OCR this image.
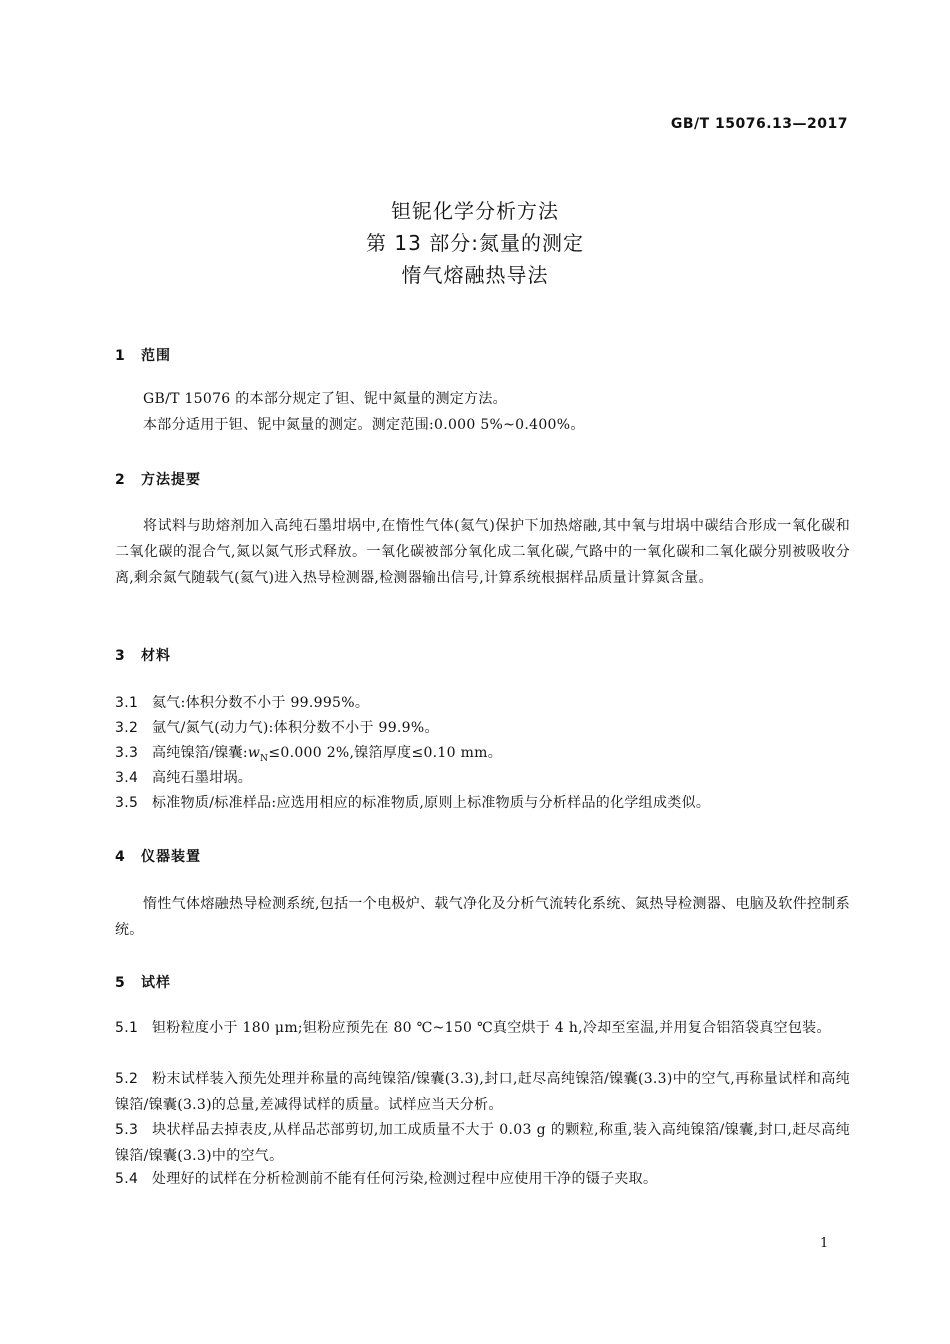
GB/T 15076.13—2017
钽铌化学分析方法
第 13 部分:氮量的测定
惰气熔融热导法
1 范围
GB/T 15076 的本部分规定了钽、铌中氮量的测定方法。
本部分适用于钽、铌中氮量的测定。测定范围:0.000 5%~0.400%。
2 方法提要
将试料与助熔剂加入高纯石墨坩埚中,在惰性气体(氦气)保护下加热熔融,其中氧与坩埚中碳结合形成一氧化碳和二氧化碳的混合气,氮以氮气形式释放。一氧化碳被部分氧化成二氧化碳,气路中的一氧化碳和二氧化碳分别被吸收分离,剩余氮气随载气(氦气)进入热导检测器,检测器输出信号,计算系统根据样品质量计算氮含量。
3 材料
3.1 氦气:体积分数不小于 99.995%。
3.2 氩气/氮气(动力气):体积分数不小于 99.9%。
3.3 高纯镍箔/镍囊$:w_N\le 0.000$ 2%,镍箔厚度≤0.10 mm。
3.4 高纯石墨坩埚。
3.5 标准物质/标准样品:应选用相应的标准物质,原则上标准物质与分析样品的化学组成类似。
4 仪器装置
惰性气体熔融热导检测系统,包括一个电极炉、载气净化及分析气流转化系统、氮热导检测器、电脑及软件控制系统。
5 试样
5.1 钽粉粒度小于 180 μm;钽粉应预先在 80 ℃~150 ℃真空烘于 4 h,冷却至室温,并用复合铝箔袋真空包装。
5.2 粉末试样装入预先处理并称量的高纯镍箔/镍囊(3.3),封口,赶尽高纯镍箔/镍囊(3.3)中的空气,再称量试样和高纯镍箔/镍囊(3.3)的总量,差减得试样的质量。试样应当天分析。
5.3 块状样品去掉表皮,从样品芯部剪切,加工成质量不大于 0.03 g 的颗粒,称重,装入高纯镍箔/镍囊,封口,赶尽高纯镍箔/镍囊(3.3)中的空气。
5.4 处理好的试样在分析检测前不能有任何污染,检测过程中应使用干净的镊子夹取。
1
